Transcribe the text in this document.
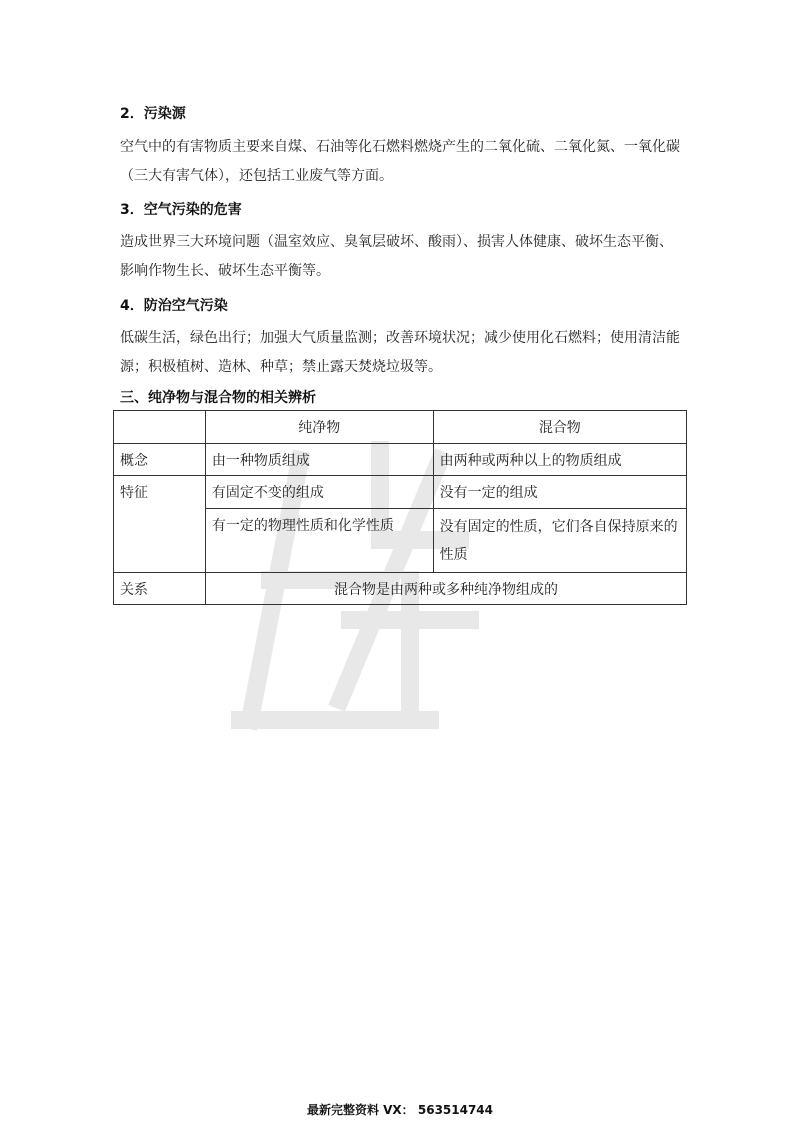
2．污染源
空气中的有害物质主要来自煤、石油等化石燃料燃烧产生的二氧化硫、二氧化氮、一氧化碳
（三大有害气体），还包括工业废气等方面。
3．空气污染的危害
造成世界三大环境问题（温室效应、臭氧层破坏、酸雨）、损害人体健康、破坏生态平衡、
影响作物生长、破坏生态平衡等。
4．防治空气污染
低碳生活，绿色出行；加强大气质量监测；改善环境状况；减少使用化石燃料；使用清洁能
源；积极植树、造林、种草；禁止露天焚烧垃圾等。
三、纯净物与混合物的相关辨析
	纯净物	混合物
概念	由一种物质组成	由两种或两种以上的物质组成
特征	有固定不变的组成	没有一定的组成
	有一定的物理性质和化学性质	没有固定的性质，它们各自保持原来的
性质

关系	混合物是由两种或多种纯净物组成的	
最新完整资料 VX： 563514744
